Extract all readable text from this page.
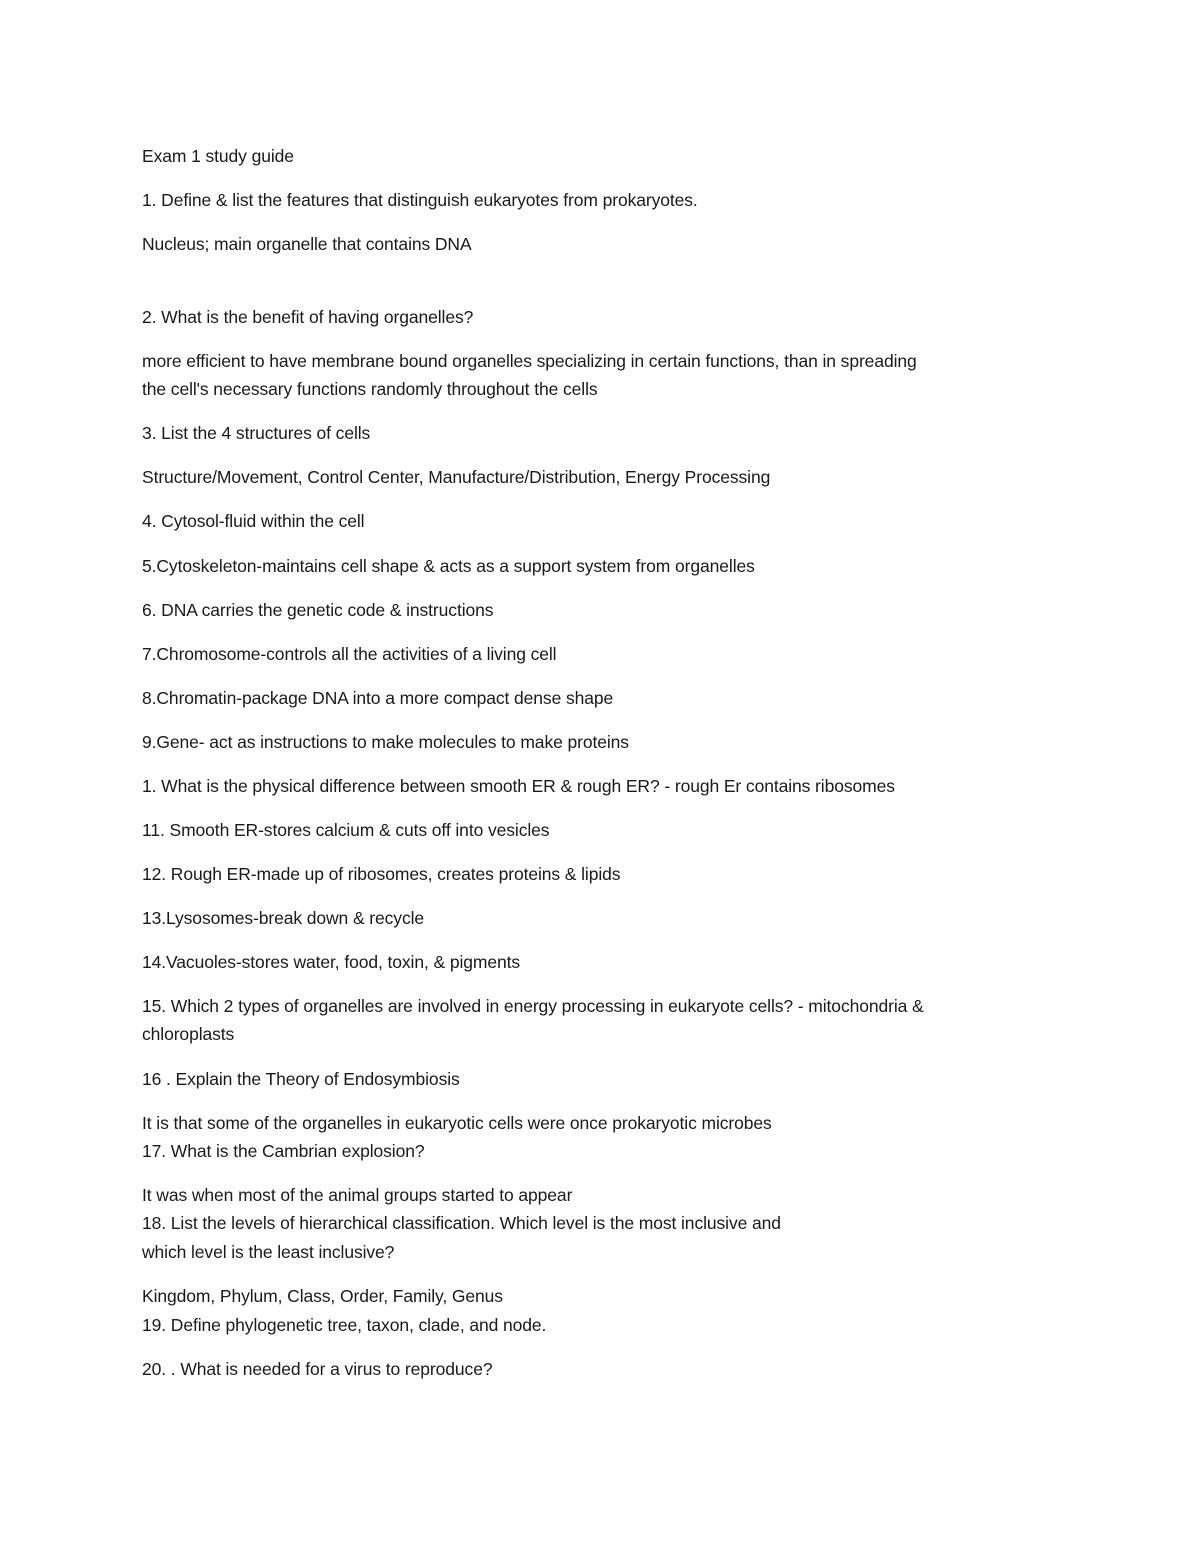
Exam 1 study guide
1. Define & list the features that distinguish eukaryotes from prokaryotes.
Nucleus; main organelle that contains DNA
2. What is the benefit of having organelles?
more efficient to have membrane bound organelles specializing in certain functions, than in spreading
the cell's necessary functions randomly throughout the cells
3. List the 4 structures of cells
Structure/Movement, Control Center, Manufacture/Distribution, Energy Processing
4. Cytosol-fluid within the cell
5.Cytoskeleton-maintains cell shape & acts as a support system from organelles
6. DNA carries the genetic code & instructions
7.Chromosome-controls all the activities of a living cell
8.Chromatin-package DNA into a more compact dense shape
9.Gene- act as instructions to make molecules to make proteins
1. What is the physical difference between smooth ER & rough ER? - rough Er contains ribosomes
11. Smooth ER-stores calcium & cuts off into vesicles
12. Rough ER-made up of ribosomes, creates proteins & lipids
13.Lysosomes-break down & recycle
14.Vacuoles-stores water, food, toxin, & pigments
15. Which 2 types of organelles are involved in energy processing in eukaryote cells? - mitochondria &
chloroplasts
16 . Explain the Theory of Endosymbiosis
It is that some of the organelles in eukaryotic cells were once prokaryotic microbes
17. What is the Cambrian explosion?
It was when most of the animal groups started to appear
18. List the levels of hierarchical classification. Which level is the most inclusive and
which level is the least inclusive?
Kingdom, Phylum, Class, Order, Family, Genus
19. Define phylogenetic tree, taxon, clade, and node.
20. . What is needed for a virus to reproduce?
